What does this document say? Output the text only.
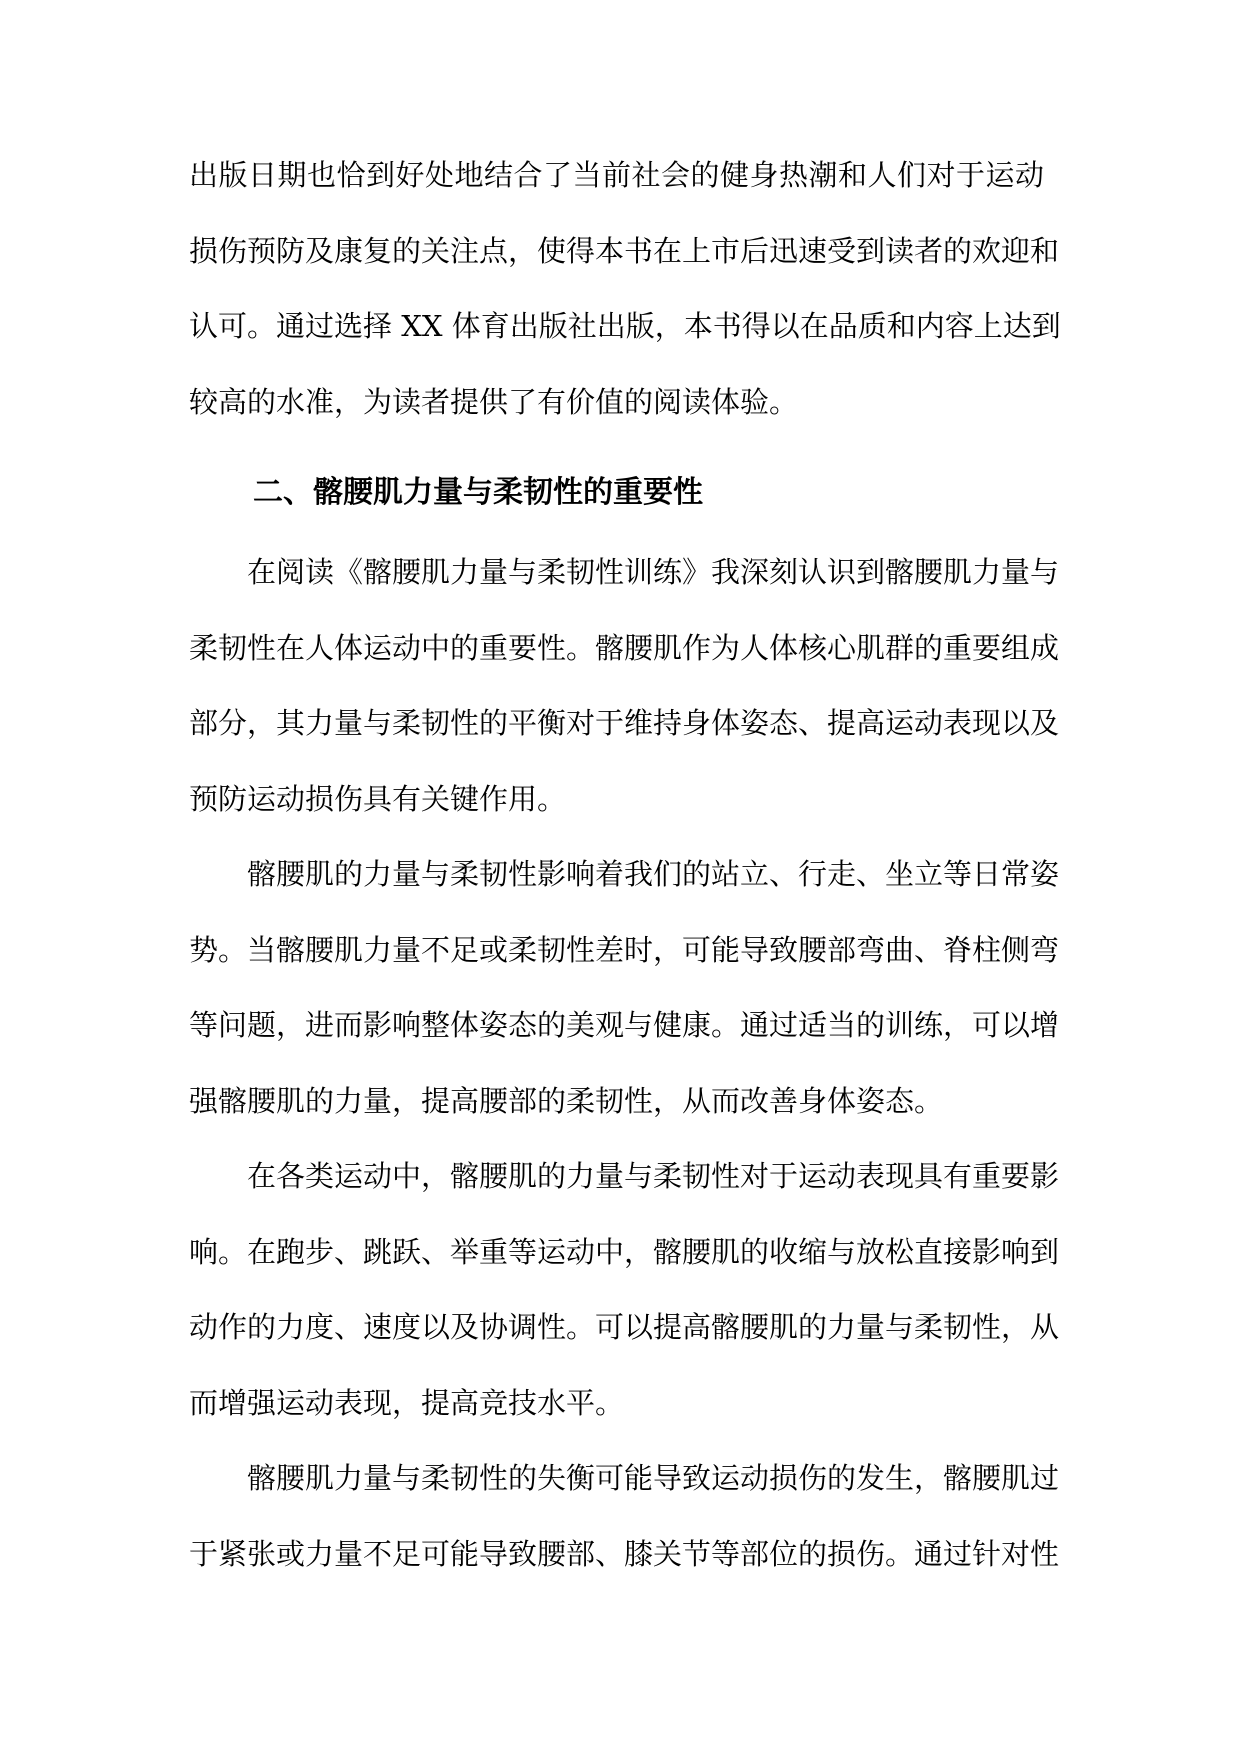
出版日期也恰到好处地结合了当前社会的健身热潮和人们对于运动
损伤预防及康复的关注点，使得本书在上市后迅速受到读者的欢迎和
认可。通过选择 XX 体育出版社出版，本书得以在品质和内容上达到
较高的水准，为读者提供了有价值的阅读体验。
二、髂腰肌力量与柔韧性的重要性
在阅读《髂腰肌力量与柔韧性训练》我深刻认识到髂腰肌力量与
柔韧性在人体运动中的重要性。髂腰肌作为人体核心肌群的重要组成
部分，其力量与柔韧性的平衡对于维持身体姿态、提高运动表现以及
预防运动损伤具有关键作用。
髂腰肌的力量与柔韧性影响着我们的站立、行走、坐立等日常姿
势。当髂腰肌力量不足或柔韧性差时，可能导致腰部弯曲、脊柱侧弯
等问题，进而影响整体姿态的美观与健康。通过适当的训练，可以增
强髂腰肌的力量，提高腰部的柔韧性，从而改善身体姿态。
在各类运动中，髂腰肌的力量与柔韧性对于运动表现具有重要影
响。在跑步、跳跃、举重等运动中，髂腰肌的收缩与放松直接影响到
动作的力度、速度以及协调性。可以提高髂腰肌的力量与柔韧性，从
而增强运动表现，提高竞技水平。
髂腰肌力量与柔韧性的失衡可能导致运动损伤的发生，髂腰肌过
于紧张或力量不足可能导致腰部、膝关节等部位的损伤。通过针对性
